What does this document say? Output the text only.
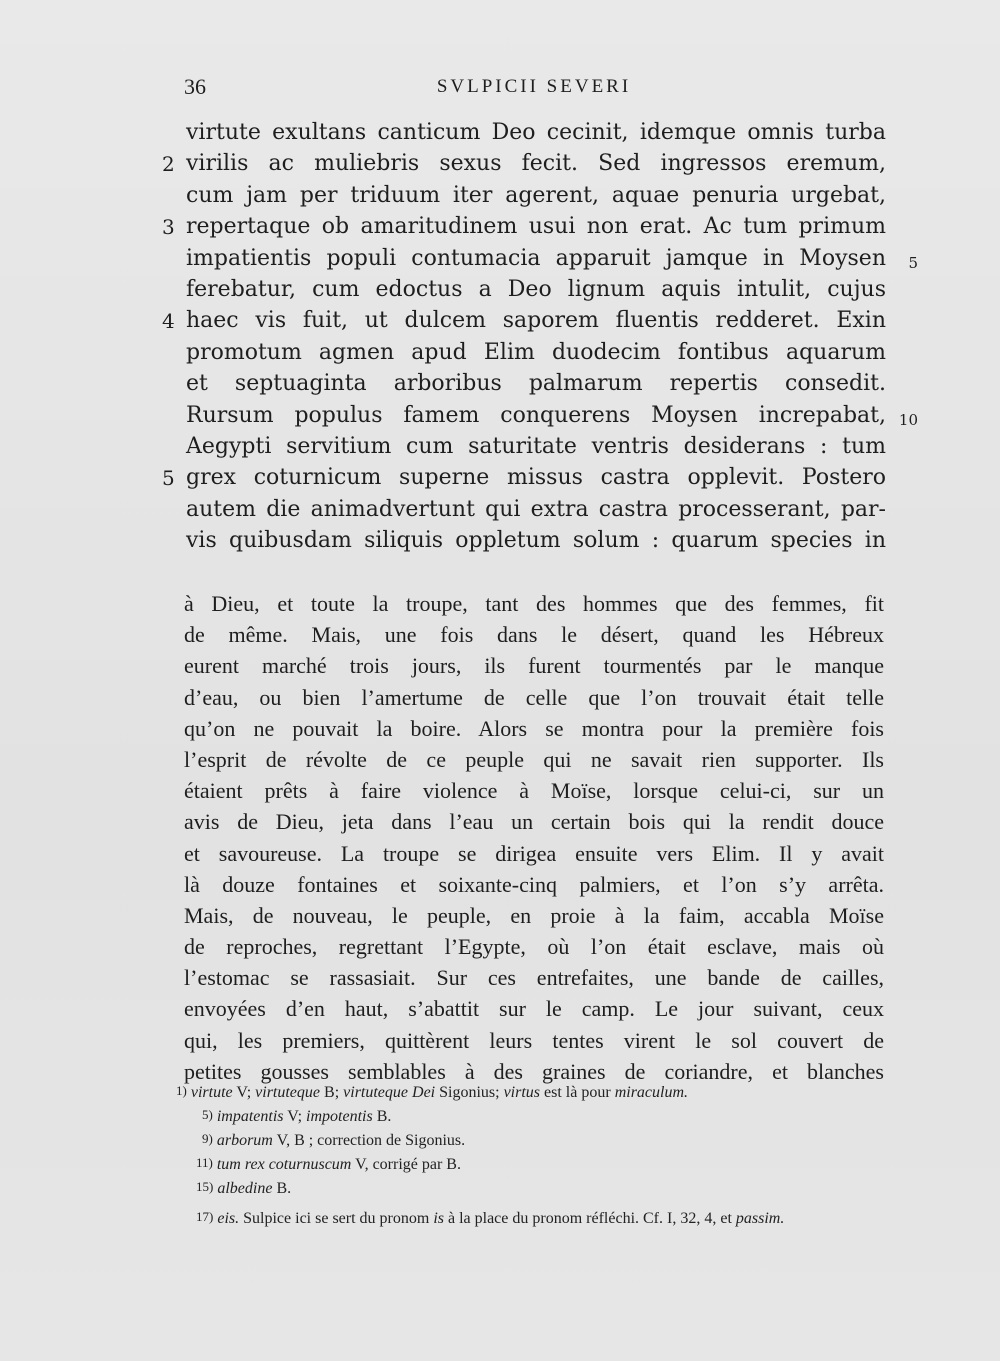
36	SVLPICII SEVERI
virtute exultans canticum Deo cecinit, idemque omnis turba
2 virilis ac muliebris sexus fecit. Sed ingressos eremum,
cum jam per triduum iter agerent, aquae penuria urgebat,
3 repertaque ob amaritudinem usui non erat. Ac tum primum
impatientis populi contumacia apparuit jamque in Moysen 5
ferebatur, cum edoctus a Deo lignum aquis intulit, cujus
4 haec vis fuit, ut dulcem saporem fluentis redderet. Exin
promotum agmen apud Elim duodecim fontibus aquarum
et septuaginta arboribus palmarum repertis consedit.
Rursum populus famem conquerens Moysen increpabat, 10
Aegypti servitium cum saturitate ventris desiderans : tum
5 grex coturnicum superne missus castra opplevit. Postero
autem die animadvertunt qui extra castra processerant, par-
vis quibusdam siliquis oppletum solum : quarum species in
à Dieu, et toute la troupe, tant des hommes que des femmes, fit
de même. Mais, une fois dans le désert, quand les Hébreux
eurent marché trois jours, ils furent tourmentés par le manque
d’eau, ou bien l’amertume de celle que l’on trouvait était telle
qu’on ne pouvait la boire. Alors se montra pour la première fois
l’esprit de révolte de ce peuple qui ne savait rien supporter. Ils
étaient prêts à faire violence à Moïse, lorsque celui-ci, sur un
avis de Dieu, jeta dans l’eau un certain bois qui la rendit douce
et savoureuse. La troupe se dirigea ensuite vers Elim. Il y avait
là douze fontaines et soixante-cinq palmiers, et l’on s’y arrêta.
Mais, de nouveau, le peuple, en proie à la faim, accabla Moïse
de reproches, regrettant l’Egypte, où l’on était esclave, mais où
l’estomac se rassasiait. Sur ces entrefaites, une bande de cailles,
envoyées d’en haut, s’abattit sur le camp. Le jour suivant, ceux
qui, les premiers, quittèrent leurs tentes virent le sol couvert de
petites gousses semblables à des graines de coriandre, et blanches
1) virtute V; virtuteque B; virtuteque Dei Sigonius; virtus est là pour miraculum.
5) impatentis V; impotentis B.
9) arborum V, B ; correction de Sigonius.
11) tum rex coturnuscum V, corrigé par B.
15) albedine B.
17) eis. Sulpice ici se sert du pronom is à la place du pronom réfléchi. Cf. I, 32, 4, et passim.
